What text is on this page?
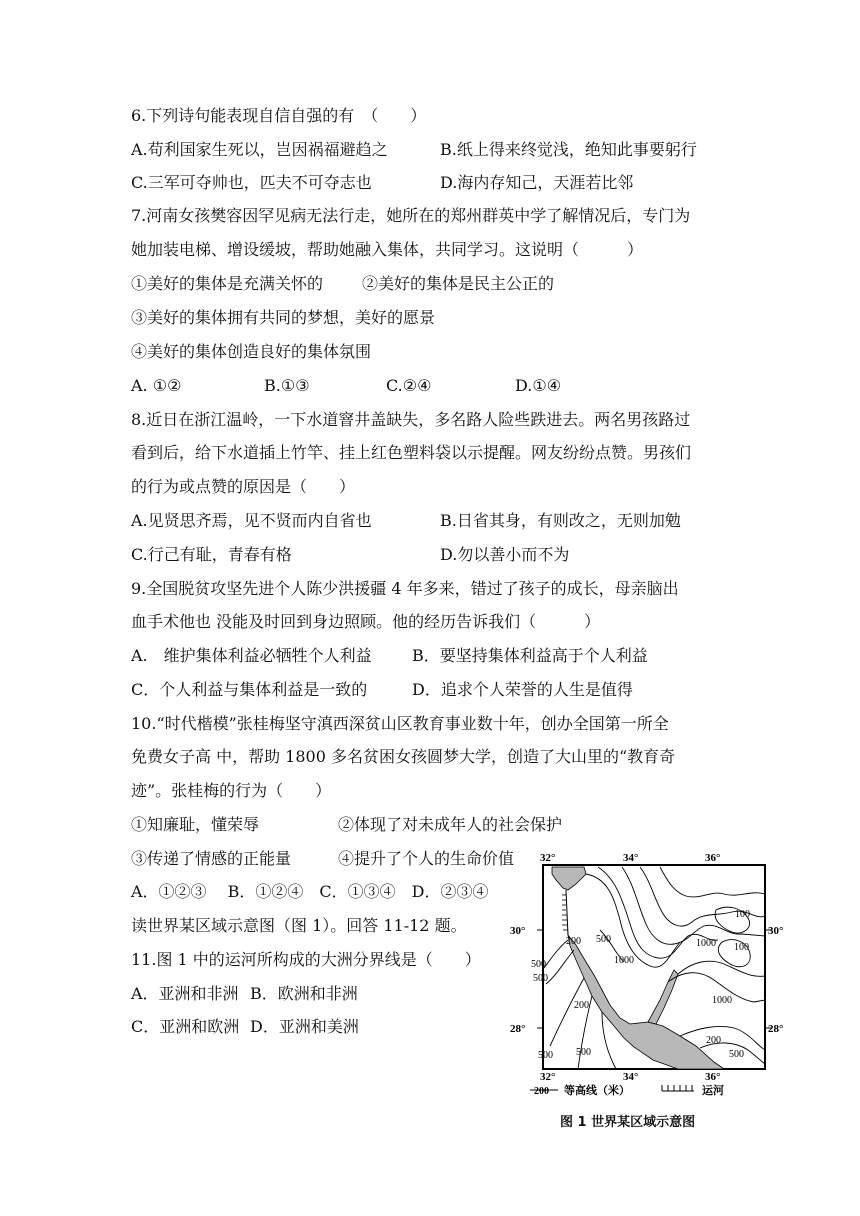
6.下列诗句能表现自信自强的有　（　　）
A.苟利国家生死以，岂因祸福避趋之	B.纸上得来终觉浅，绝知此事要躬行
C.三军可夺帅也，匹夫不可夺志也	D.海内存知己，天涯若比邻
7.河南女孩樊容因罕见病无法行走，她所在的郑州群英中学了解情况后，专门为
她加装电梯、增设缓坡，帮助她融入集体，共同学习。这说明（　　　）
①美好的集体是充满关怀的 ②美好的集体是民主公正的
③美好的集体拥有共同的梦想，美好的愿景
④美好的集体创造良好的集体氛围
A. ①②	B.①③	C.②④	D.①④
8.近日在浙江温岭，一下水道窨井盖缺失，多名路人险些跌进去。两名男孩路过
看到后，给下水道插上竹竿、挂上红色塑料袋以示提醒。网友纷纷点赞。男孩们
的行为或点赞的原因是（　　）
A.见贤思齐焉，见不贤而内自省也	B.日省其身，有则改之，无则加勉
C.行己有耻，青春有格	D.勿以善小而不为
9.全国脱贫攻坚先进个人陈少洪援疆 4 年多来，错过了孩子的成长，母亲脑出
血手术他也 没能及时回到身边照顾。他的经历告诉我们（　　　）
A.　维护集体利益必牺牲个人利益	B．要坚持集体利益高于个人利益
C．个人利益与集体利益是一致的	D．追求个人荣誉的人生是值得
10.“时代楷模”张桂梅坚守滇西深贫山区教育事业数十年，创办全国第一所全
免费女子高 中，帮助 1800 多名贫困女孩圆梦大学，创造了大山里的“教育奇
迹”。张桂梅的行为（　　）
①知廉耻，懂荣辱	②体现了对未成年人的社会保护
③传递了情感的正能量	④提升了个人的生命价值
A．①②③　 B．①②④　C．①③④　D．②③④
读世界某区域示意图（图 1）。回答 11-12 题。
11.图 1 中的运河所构成的大洲分界线是（　　）
A．亚洲和非洲 B．欧洲和非洲
C．亚洲和欧洲 D．亚洲和美洲
32°	34°	36°
30°	30°
28°	28°
100
200 500
1000
1000
500
500
200	1000
100
200
500
500 500
32°	34°	36°
200 等高线（米）	运河
图 1 世界某区域示意图
